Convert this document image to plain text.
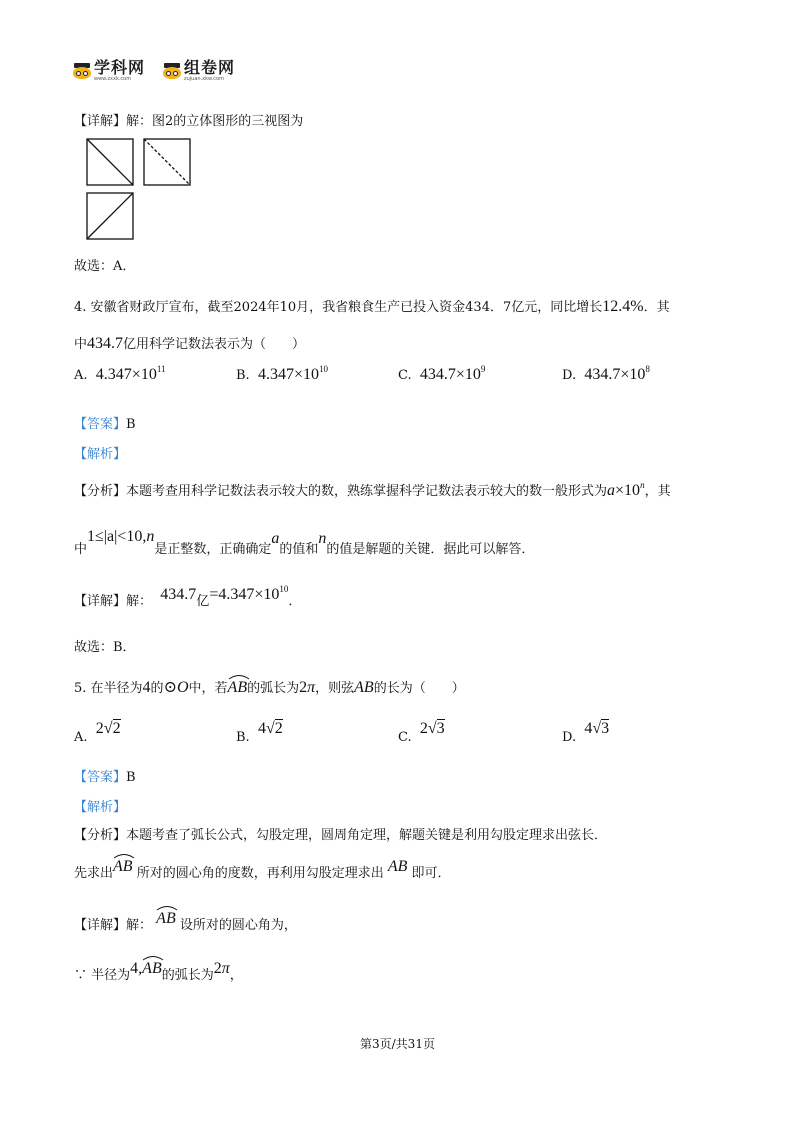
学科网
www.zxxk.com
组卷网
zujuan.xkw.com
【详解】解：图2的立体图形的三视图为
故选：A．
4. 安徽省财政厅宣布，截至2024年10月，我省粮食生产已投入资金434．7亿元，同比增长12.4%．其
中434.7亿用科学记数法表示为（　　）
A. $4.347\times 10^{11}$	B. $4.347\times 10^{10}$	C. $434.7\times 10^9$	D. $434.7\times 10^8$
【答案】B
【解析】
【分析】本题考查用科学记数法表示较大的数，熟练掌握科学记数法表示较大的数一般形式为$a\times 10^n$，其
中1≤|a|<10,n是正整数，正确确定a的值和n的值是解题的关键．据此可以解答．
【详解】解： 434.7亿$=4.347\times 10^{10}$．
故选：B．
5. 在半径为4的⊙O中，若
AB的弧长为2π，则弦AB的长为（　　）
A.  2√2
B.  4√2
C.  2√3
D.  4√3
【答案】B
【解析】
【分析】本题考查了弧长公式，勾股定理，圆周角定理，解题关键是利用勾股定理求出弦长．
先求出
AB 所对的圆心角的度数，再利用勾股定理求出 AB 即可．
【详解】解： AB 设所对的圆心角为，
∵ 半径为4,
AB的弧长为2π，
第3页/共31页
